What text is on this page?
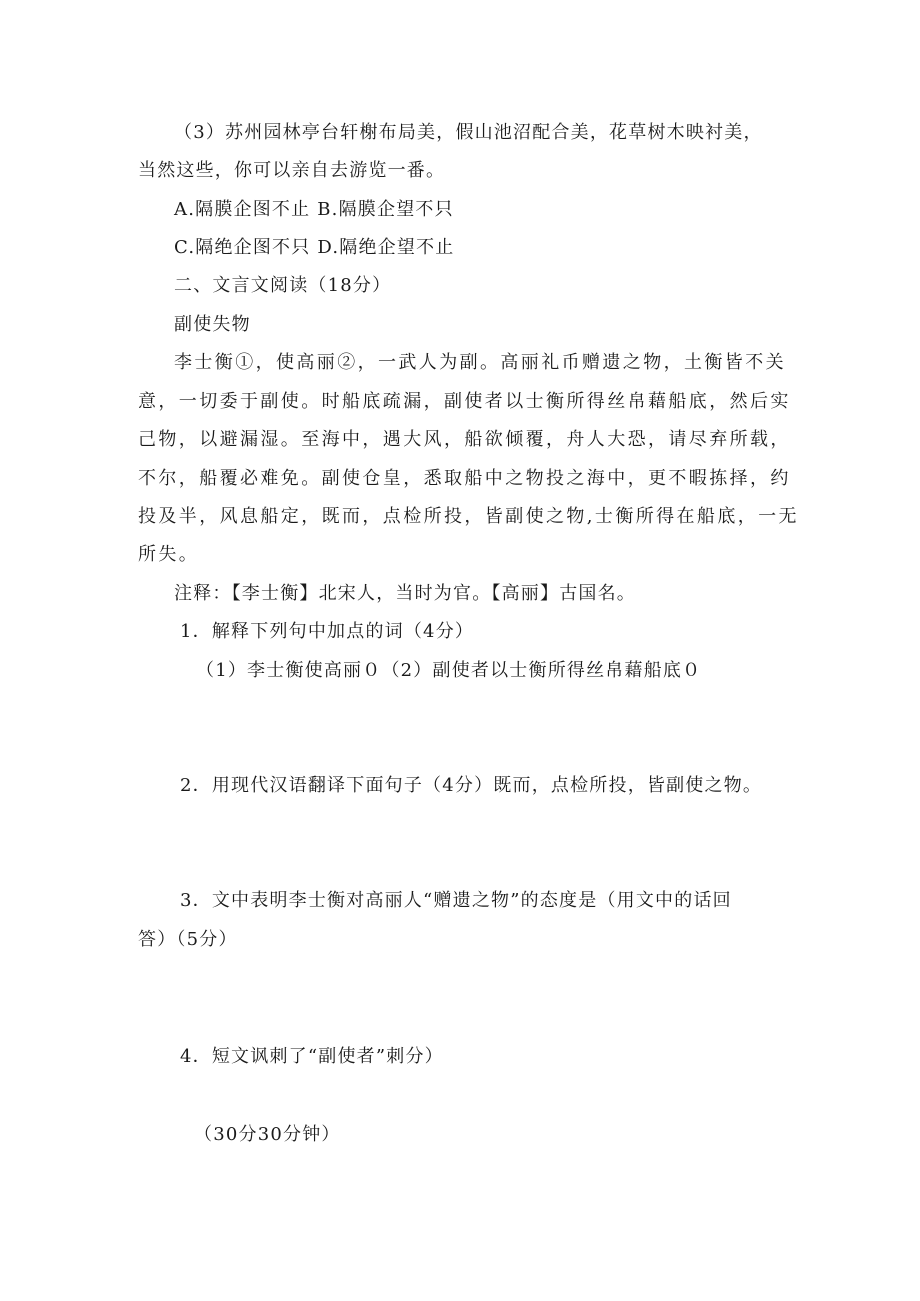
（3）苏州园林亭台轩榭布局美，假山池沼配合美，花草树木映衬美，
当然这些，你可以亲自去游览一番。
A.隔膜企图不止 B.隔膜企望不只
C.隔绝企图不只 D.隔绝企望不止
二、文言文阅读（18分）
副使失物
李士衡①，使高丽②，一武人为副。高丽礼币赠遗之物，土衡皆不关
意，一切委于副使。时船底疏漏，副使者以士衡所得丝帛藉船底，然后实
己物，以避漏湿。至海中，遇大风，船欲倾覆，舟人大恐，请尽弃所载，
不尔，船覆必难免。副使仓皇，悉取船中之物投之海中，更不暇拣择，约
投及半，风息船定，既而，点检所投，皆副使之物,士衡所得在船底，一无
所失。
注释：【李士衡】北宋人，当时为官。【高丽】古国名。
1．解释下列句中加点的词（4分）
（1）李士衡使高丽０（2）副使者以士衡所得丝帛藉船底０
2．用现代汉语翻译下面句子（4分）既而，点检所投，皆副使之物。
3．文中表明李士衡对高丽人“赠遗之物”的态度是（用文中的话回
答）（5分）
4．短文讽刺了“副使者”刺分）
（30分30分钟）
